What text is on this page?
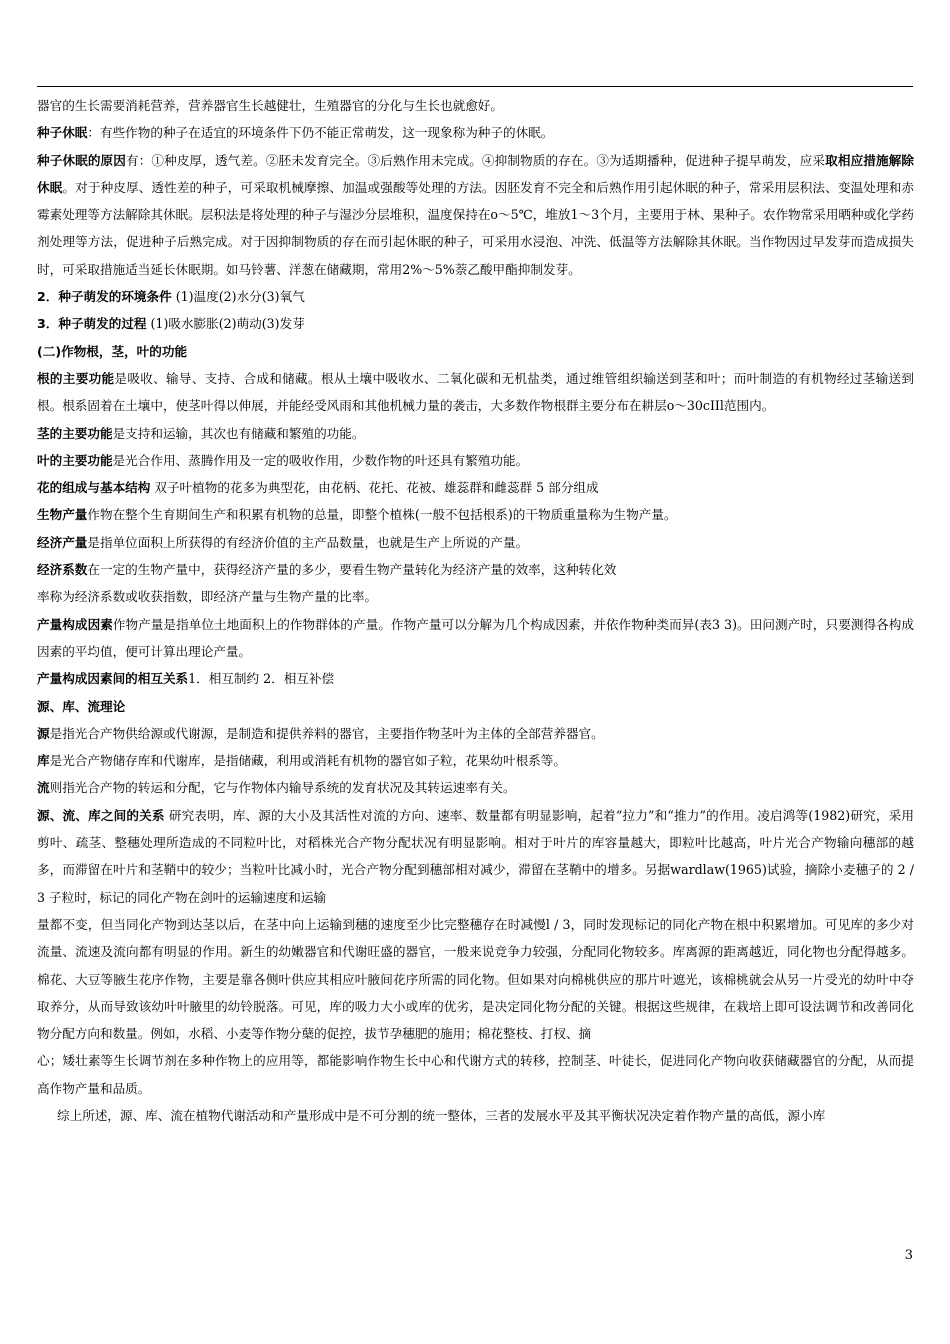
器官的生长需要消耗营养，营养器官生长越健壮，生殖器官的分化与生长也就愈好。

种子休眠：有些作物的种子在适宜的环境条件下仍不能正常萌发，这一现象称为种子的休眠。

种子休眠的原因有：①种皮厚，透气差。②胚未发育完全。③后熟作用未完成。④抑制物质的存在。③为适期播种，促进种子提早萌发，应采取相应措施解除休眠。对于种皮厚、透性差的种子，可采取机械摩擦、加温或强酸等处理的方法。因胚发育不完全和后熟作用引起休眠的种子，常采用层积法、变温处理和赤霉素处理等方法解除其休眠。层积法是将处理的种子与湿沙分层堆积，温度保持在o～5℃，堆放1～3个月，主要用于林、果种子。农作物常采用晒种或化学药剂处理等方法，促进种子后熟完成。对于因抑制物质的存在而引起休眠的种子，可采用水浸泡、冲洗、低温等方法解除其休眠。当作物因过早发芽而造成损失时，可采取措施适当延长休眠期。如马铃薯、洋葱在储藏期，常用2%～5%萘乙酸甲酯抑制发芽。

2．种子萌发的环境条件 (1)温度(2)水分(3)氧气

3．种子萌发的过程 (1)吸水膨胀(2)萌动(3)发芽

(二)作物根，茎，叶的功能

根的主要功能是吸收、输导、支持、合成和储藏。根从土壤中吸收水、二氧化碳和无机盐类，通过维管组织输送到茎和叶；而叶制造的有机物经过茎输送到根。根系固着在土壤中，使茎叶得以伸展，并能经受风雨和其他机械力量的袭击，大多数作物根群主要分布在耕层o～30cIIl范围内。

茎的主要功能是支持和运输，其次也有储藏和繁殖的功能。

叶的主要功能是光合作用、蒸腾作用及一定的吸收作用，少数作物的叶还具有繁殖功能。

花的组成与基本结构 双子叶植物的花多为典型花，由花柄、花托、花被、雄蕊群和雌蕊群 5 部分组成

生物产量作物在整个生育期间生产和积累有机物的总量，即整个植株(一般不包括根系)的干物质重量称为生物产量。

经济产量是指单位面积上所获得的有经济价值的主产品数量，也就是生产上所说的产量。

经济系数在一定的生物产量中，获得经济产量的多少，要看生物产量转化为经济产量的效率，这种转化效

率称为经济系数或收获指数，即经济产量与生物产量的比率。

产量构成因素作物产量是指单位土地面积上的作物群体的产量。作物产量可以分解为几个构成因素，并依作物种类而异(表3 3)。田问测产时，只要测得各构成因素的平均值，便可计算出理论产量。

产量构成因素间的相互关系1．相互制约 2．相互补偿

源、库、流理论

源是指光合产物供给源或代谢源，是制造和提供养料的器官，主要指作物茎叶为主体的全部营养器官。

库是光合产物储存库和代谢库，是指储藏，利用或消耗有机物的器官如子粒，花果幼叶根系等。

流则指光合产物的转运和分配，它与作物体内输导系统的发育状况及其转运速率有关。

源、流、库之间的关系 研究表明，库、源的大小及其活性对流的方向、速率、数量都有明显影响，起着“拉力”和“推力”的作用。凌启鸿等(1982)研究，采用剪叶、疏茎、整穗处理所造成的不同粒叶比，对稻株光合产物分配状况有明显影响。相对于叶片的库容量越大，即粒叶比越高，叶片光合产物输向穗部的越多，而滞留在叶片和茎鞘中的较少；当粒叶比减小时，光合产物分配到穗部相对减少，滞留在茎鞘中的增多。另据wardlaw(1965)试验，摘除小麦穗子的 2 / 3 子粒时，标记的同化产物在剑叶的运输速度和运输

量都不变，但当同化产物到达茎以后，在茎中向上运输到穗的速度至少比完整穗存在时减慢l / 3，同时发现标记的同化产物在根中积累增加。可见库的多少对流量、流速及流向都有明显的作用。新生的幼嫩器官和代谢旺盛的器官，一般来说竞争力较强，分配同化物较多。库离源的距离越近，同化物也分配得越多。棉花、大豆等腋生花序作物，主要是靠各侧叶供应其相应叶腋间花序所需的同化物。但如果对向棉桃供应的那片叶遮光，该棉桃就会从另一片受光的幼叶中夺取养分，从而导致该幼叶叶腋里的幼铃脱落。可见，库的吸力大小或库的优劣，是决定同化物分配的关键。根据这些规律，在栽培上即可设法调节和改善同化物分配方向和数量。例如，水稻、小麦等作物分蘖的促控，拔节孕穗肥的施用；棉花整枝、打杈、摘

心；矮壮素等生长调节剂在多种作物上的应用等，都能影响作物生长中心和代谢方式的转移，控制茎、叶徒长，促进同化产物向收获储藏器官的分配，从而提高作物产量和品质。

综上所述，源、库、流在植物代谢活动和产量形成中是不可分割的统一整体，三者的发展水平及其平衡状况决定着作物产量的高低，源小库

3
